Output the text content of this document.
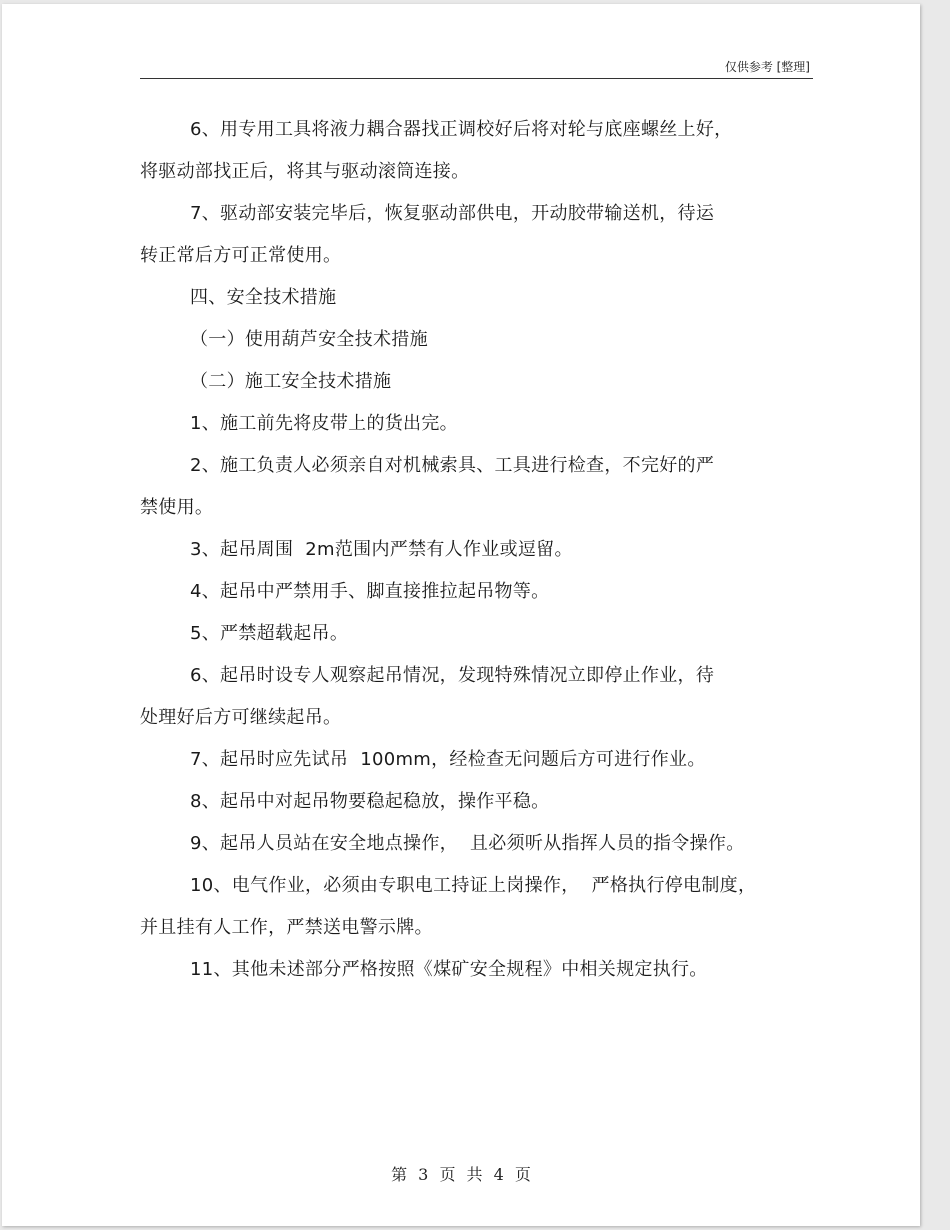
仅供参考 [整理]
6、用专用工具将液力耦合器找正调校好后将对轮与底座螺丝上好，
将驱动部找正后，将其与驱动滚筒连接。
7、驱动部安装完毕后，恢复驱动部供电，开动胶带输送机，待运
转正常后方可正常使用。
四、安全技术措施
（一）使用葫芦安全技术措施
（二）施工安全技术措施
1、施工前先将皮带上的货出完。
2、施工负责人必须亲自对机械索具、工具进行检查，不完好的严
禁使用。
3、起吊周围  2m范围内严禁有人作业或逗留。
4、起吊中严禁用手、脚直接推拉起吊物等。
5、严禁超载起吊。
6、起吊时设专人观察起吊情况，发现特殊情况立即停止作业，待
处理好后方可继续起吊。
7、起吊时应先试吊  100mm，经检查无问题后方可进行作业。
8、起吊中对起吊物要稳起稳放，操作平稳。
9、起吊人员站在安全地点操作，  且必须听从指挥人员的指令操作。
10、电气作业，必须由专职电工持证上岗操作，  严格执行停电制度，
并且挂有人工作，严禁送电警示牌。
11、其他未述部分严格按照《煤矿安全规程》中相关规定执行。
第 3 页 共 4 页
